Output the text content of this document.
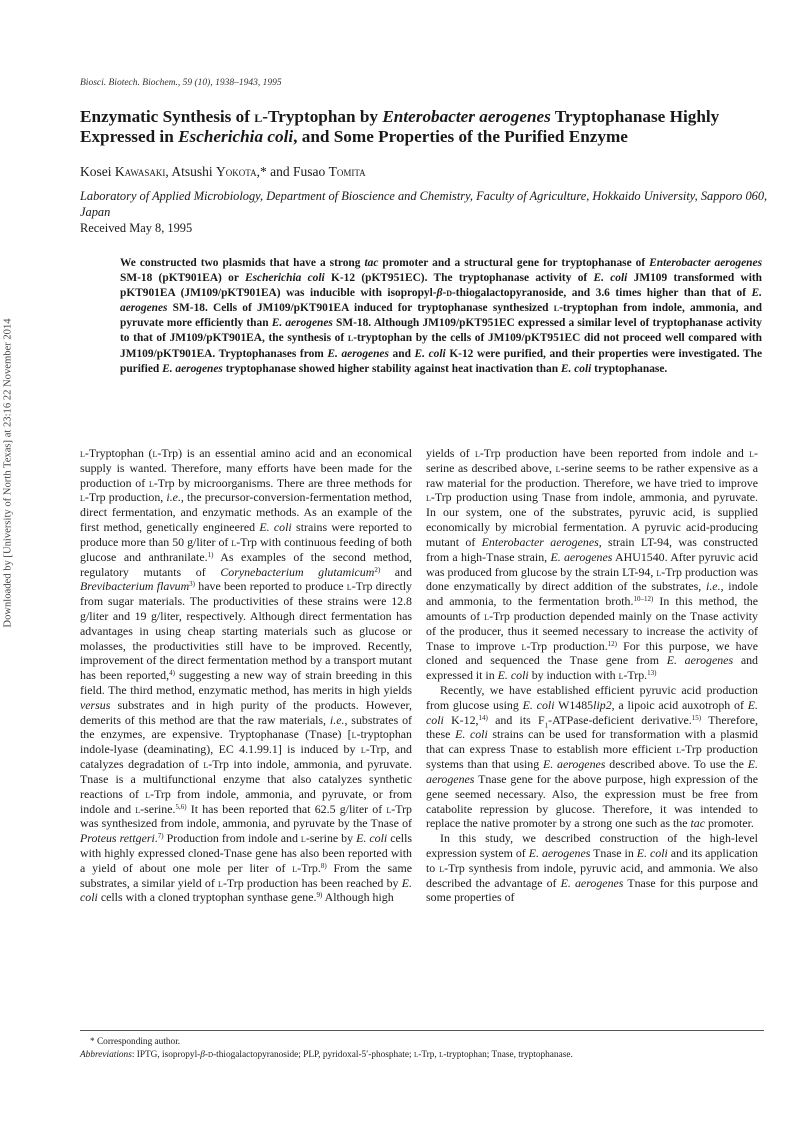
Biosci. Biotech. Biochem., 59 (10), 1938–1943, 1995
Enzymatic Synthesis of l-Tryptophan by Enterobacter aerogenes Tryptophanase Highly Expressed in Escherichia coli, and Some Properties of the Purified Enzyme
Kosei Kawasaki, Atsushi Yokota,* and Fusao Tomita
Laboratory of Applied Microbiology, Department of Bioscience and Chemistry, Faculty of Agriculture, Hokkaido University, Sapporo 060, Japan
Received May 8, 1995
We constructed two plasmids that have a strong tac promoter and a structural gene for tryptophanase of Enterobacter aerogenes SM-18 (pKT901EA) or Escherichia coli K-12 (pKT951EC). The tryptophanase activity of E. coli JM109 transformed with pKT901EA (JM109/pKT901EA) was inducible with isopropyl-β-d-thiogalactopyranoside, and 3.6 times higher than that of E. aerogenes SM-18. Cells of JM109/pKT901EA induced for tryptophanase synthesized l-tryptophan from indole, ammonia, and pyruvate more efficiently than E. aerogenes SM-18. Although JM109/pKT951EC expressed a similar level of tryptophanase activity to that of JM109/pKT901EA, the synthesis of l-tryptophan by the cells of JM109/pKT951EC did not proceed well compared with JM109/pKT901EA. Tryptophanases from E. aerogenes and E. coli K-12 were purified, and their properties were investigated. The purified E. aerogenes tryptophanase showed higher stability against heat inactivation than E. coli tryptophanase.
Downloaded by [University of North Texas] at 23:16 22 November 2014	l-Tryptophan (l-Trp) is an essential amino acid and an economical supply is wanted. Therefore, many efforts have been made for the production of l-Trp by microorganisms. There are three methods for l-Trp production, i.e., the precursor-conversion-fermentation method, direct fermentation, and enzymatic methods. As an example of the first method, genetically engineered E. coli strains were reported to produce more than 50 g/liter of l-Trp with continuous feeding of both glucose and anthranilate.$^{1)}$ As examples of the second method, regulatory mutants of Corynebacterium glutamicum$^{2)}$ and Brevibacterium flavum$^{3)}$ have been reported to produce l-Trp directly from sugar materials. The productivities of these strains were 12.8 g/liter and 19 g/liter, respectively. Although direct fermentation has advantages in using cheap starting materials such as glucose or molasses, the productivities still have to be improved. Recently, improvement of the direct fermentation method by a transport mutant has been reported,$^{4)}$ suggesting a new way of strain breeding in this field. The third method, enzymatic method, has merits in high yields versus substrates and in high purity of the products. However, demerits of this method are that the raw materials, i.e., substrates of the enzymes, are expensive. Tryptophanase (Tnase) [l-tryptophan indole-lyase (deaminating), EC 4.1.99.1] is induced by l-Trp, and catalyzes degradation of l-Trp into indole, ammonia, and pyruvate. Tnase is a multifunctional enzyme that also catalyzes synthetic reactions of l-Trp from indole, ammonia, and pyruvate, or from indole and l-serine.$^{5,6)}$ It has been reported that 62.5 g/liter of l-Trp was synthesized from indole, ammonia, and pyruvate by the Tnase of Proteus rettgeri.$^{7)}$ Production from indole and l-serine by E. coli cells with highly expressed cloned-Tnase gene has also been reported with a yield of about one mole per liter of l-Trp.$^{8)}$ From the same substrates, a similar yield of l-Trp production has been reached by E. coli cells with a cloned tryptophan synthase gene.$^{9)}$ Although high
yields of l-Trp production have been reported from indole and l-serine as described above, l-serine seems to be rather expensive as a raw material for the production. Therefore, we have tried to improve l-Trp production using Tnase from indole, ammonia, and pyruvate. In our system, one of the substrates, pyruvic acid, is supplied economically by microbial fermentation. A pyruvic acid-producing mutant of Enterobacter aerogenes, strain LT-94, was constructed from a high-Tnase strain, E. aerogenes AHU1540. After pyruvic acid was produced from glucose by the strain LT-94, l-Trp production was done enzymatically by direct addition of the substrates, i.e., indole and ammonia, to the fermentation broth.$^{10-12)}$ In this method, the amounts of l-Trp production depended mainly on the Tnase activity of the producer, thus it seemed necessary to increase the activity of Tnase to improve l-Trp production.$^{12)}$ For this purpose, we have cloned and sequenced the Tnase gene from E. aerogenes and expressed it in E. coli by induction with l-Trp.$^{13)}$
Recently, we have established efficient pyruvic acid production from glucose using E. coli W1485lip2, a lipoic acid auxotroph of E. coli K-12,$^{14)}$ and its $F_1-ATPase$-deficient derivative.$^{15)}$ Therefore, these E. coli strains can be used for transformation with a plasmid that can express Tnase to establish more efficient l-Trp production systems than that using E. aerogenes described above. To use the E. aerogenes Tnase gene for the above purpose, high expression of the gene seemed necessary. Also, the expression must be free from catabolite repression by glucose. Therefore, it was intended to replace the native promoter by a strong one such as the tac promoter.
In this study, we described construction of the high-level expression system of E. aerogenes Tnase in E. coli and its application to l-Trp synthesis from indole, pyruvic acid, and ammonia. We also described the advantage of E. aerogenes Tnase for this purpose and some properties of
* Corresponding author.
Abbreviations: IPTG, isopropyl-β-d-thiogalactopyranoside; PLP, pyridoxal-5′-phosphate; l-Trp, l-tryptophan; Tnase, tryptophanase.
